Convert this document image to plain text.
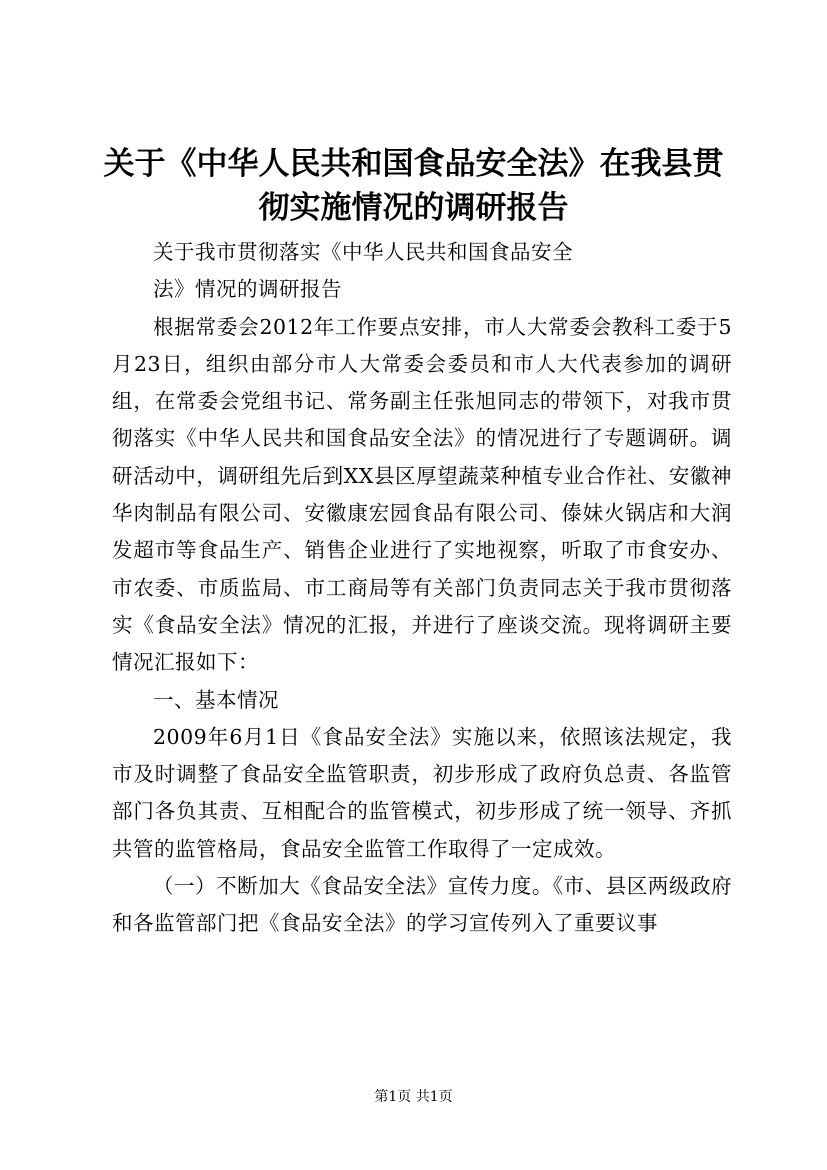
关于《中华人民共和国食品安全法》在我县贯彻实施情况的调研报告

关于我市贯彻落实《中华人民共和国食品安全

法》情况的调研报告

根据常委会2012年工作要点安排，市人大常委会教科工委于5月23日，组织由部分市人大常委会委员和市人大代表参加的调研组，在常委会党组书记、常务副主任张旭同志的带领下，对我市贯彻落实《中华人民共和国食品安全法》的情况进行了专题调研。调研活动中，调研组先后到XX县区厚望蔬菜种植专业合作社、安徽神华肉制品有限公司、安徽康宏园食品有限公司、傣妹火锅店和大润发超市等食品生产、销售企业进行了实地视察，听取了市食安办、市农委、市质监局、市工商局等有关部门负责同志关于我市贯彻落实《食品安全法》情况的汇报，并进行了座谈交流。现将调研主要情况汇报如下：

一、基本情况

2009年6月1日《食品安全法》实施以来，依照该法规定，我市及时调整了食品安全监管职责，初步形成了政府负总责、各监管部门各负其责、互相配合的监管模式，初步形成了统一领导、齐抓共管的监管格局，食品安全监管工作取得了一定成效。

（一）不断加大《食品安全法》宣传力度。《市、县区两级政府和各监管部门把《食品安全法》的学习宣传列入了重要议事

第1页 共1页
